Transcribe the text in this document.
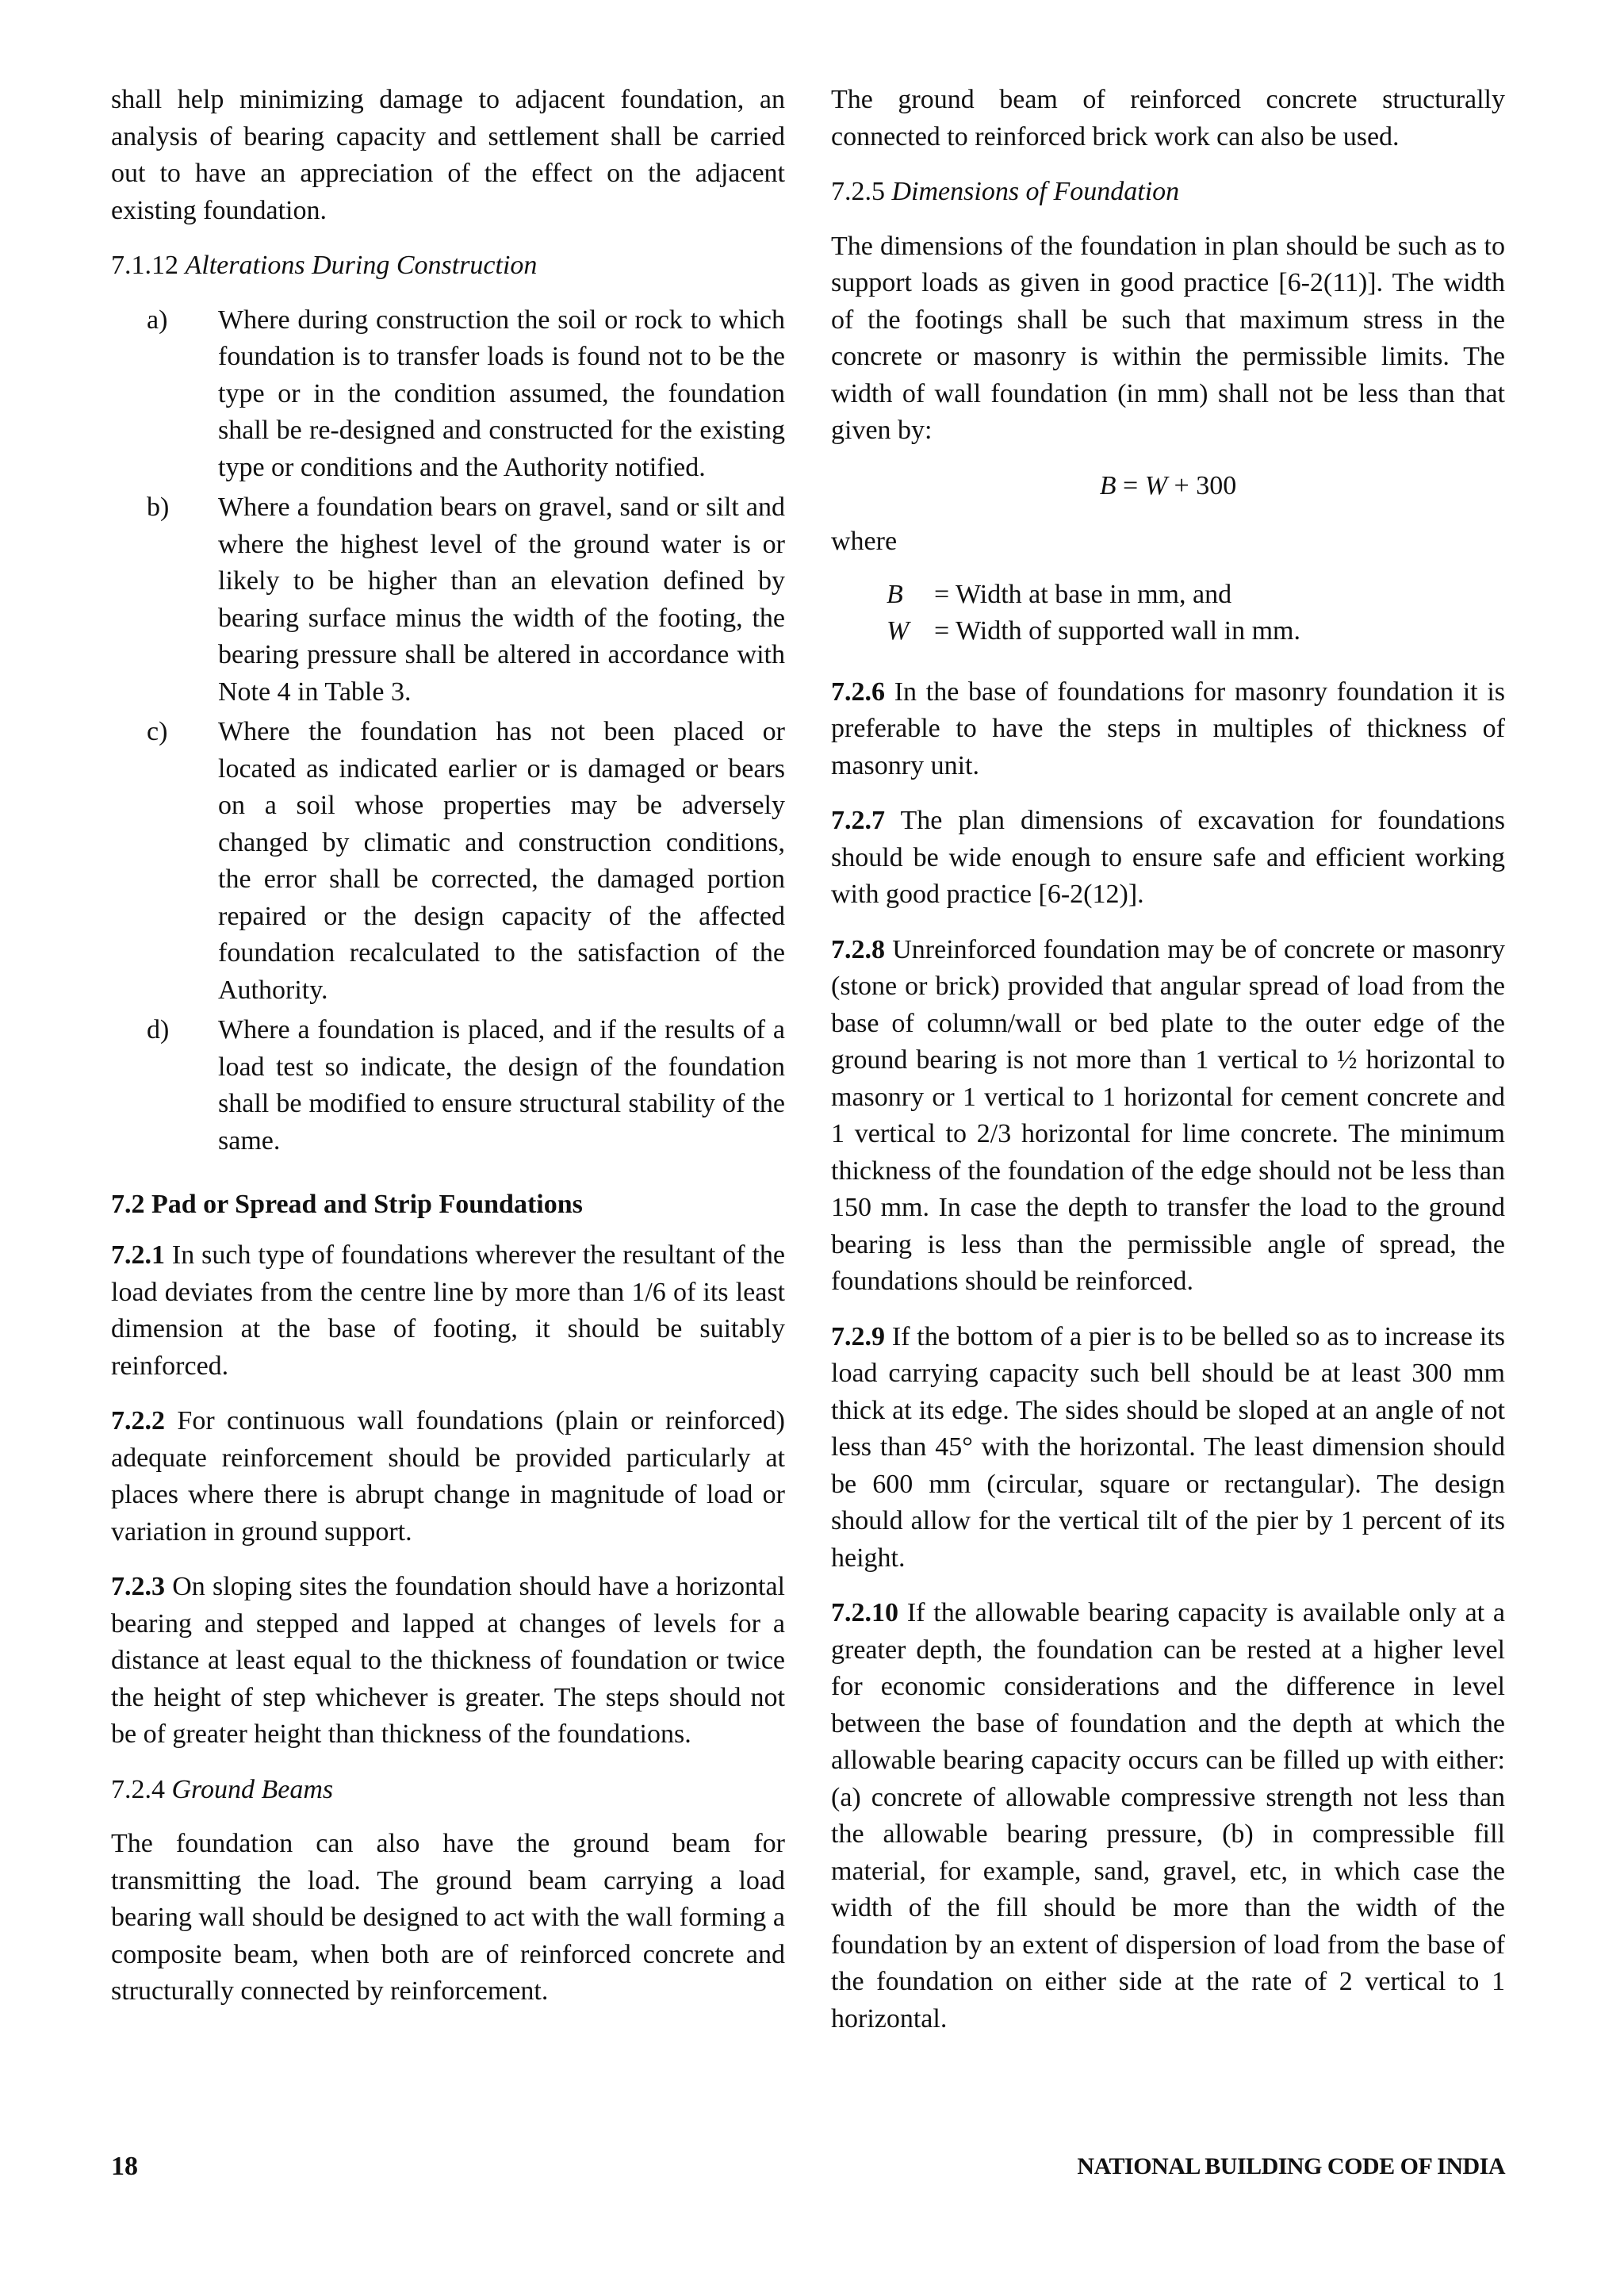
shall help minimizing damage to adjacent foundation, an analysis of bearing capacity and settlement shall be carried out to have an appreciation of the effect on the adjacent existing foundation.

7.1.12 Alterations During Construction

a) Where during construction the soil or rock to which foundation is to transfer loads is found not to be the type or in the condition assumed, the foundation shall be re-designed and constructed for the existing type or conditions and the Authority notified.
b) Where a foundation bears on gravel, sand or silt and where the highest level of the ground water is or likely to be higher than an elevation defined by bearing surface minus the width of the footing, the bearing pressure shall be altered in accordance with Note 4 in Table 3.
c) Where the foundation has not been placed or located as indicated earlier or is damaged or bears on a soil whose properties may be adversely changed by climatic and construction conditions, the error shall be corrected, the damaged portion repaired or the design capacity of the affected foundation recalculated to the satisfaction of the Authority.
d) Where a foundation is placed, and if the results of a load test so indicate, the design of the foundation shall be modified to ensure structural stability of the same.
7.2 Pad or Spread and Strip Foundations

7.2.1 In such type of foundations wherever the resultant of the load deviates from the centre line by more than 1/6 of its least dimension at the base of footing, it should be suitably reinforced.

7.2.2 For continuous wall foundations (plain or reinforced) adequate reinforcement should be provided particularly at places where there is abrupt change in magnitude of load or variation in ground support.

7.2.3 On sloping sites the foundation should have a horizontal bearing and stepped and lapped at changes of levels for a distance at least equal to the thickness of foundation or twice the height of step whichever is greater. The steps should not be of greater height than thickness of the foundations.

7.2.4 Ground Beams

The foundation can also have the ground beam for transmitting the load. The ground beam carrying a load bearing wall should be designed to act with the wall forming a composite beam, when both are of reinforced concrete and structurally connected by reinforcement.

The ground beam of reinforced concrete structurally connected to reinforced brick work can also be used.

7.2.5 Dimensions of Foundation

The dimensions of the foundation in plan should be such as to support loads as given in good practice [6-2(11)]. The width of the footings shall be such that maximum stress in the concrete or masonry is within the permissible limits. The width of wall foundation (in mm) shall not be less than that given by:

B = W + 300
where
B = Width at base in mm, and
W = Width of supported wall in mm.

7.2.6 In the base of foundations for masonry foundation it is preferable to have the steps in multiples of thickness of masonry unit.

7.2.7 The plan dimensions of excavation for foundations should be wide enough to ensure safe and efficient working with good practice [6-2(12)].

7.2.8 Unreinforced foundation may be of concrete or masonry (stone or brick) provided that angular spread of load from the base of column/wall or bed plate to the outer edge of the ground bearing is not more than 1 vertical to ½ horizontal to masonry or 1 vertical to 1 horizontal for cement concrete and 1 vertical to 2/3 horizontal for lime concrete. The minimum thickness of the foundation of the edge should not be less than 150 mm. In case the depth to transfer the load to the ground bearing is less than the permissible angle of spread, the foundations should be reinforced.

7.2.9 If the bottom of a pier is to be belled so as to increase its load carrying capacity such bell should be at least 300 mm thick at its edge. The sides should be sloped at an angle of not less than 45° with the horizontal. The least dimension should be 600 mm (circular, square or rectangular). The design should allow for the vertical tilt of the pier by 1 percent of its height.

7.2.10 If the allowable bearing capacity is available only at a greater depth, the foundation can be rested at a higher level for economic considerations and the difference in level between the base of foundation and the depth at which the allowable bearing capacity occurs can be filled up with either: (a) concrete of allowable compressive strength not less than the allowable bearing pressure, (b) in compressible fill material, for example, sand, gravel, etc, in which case the width of the fill should be more than the width of the foundation by an extent of dispersion of load from the base of the foundation on either side at the rate of 2 vertical to 1 horizontal.

18	NATIONAL BUILDING CODE OF INDIA
